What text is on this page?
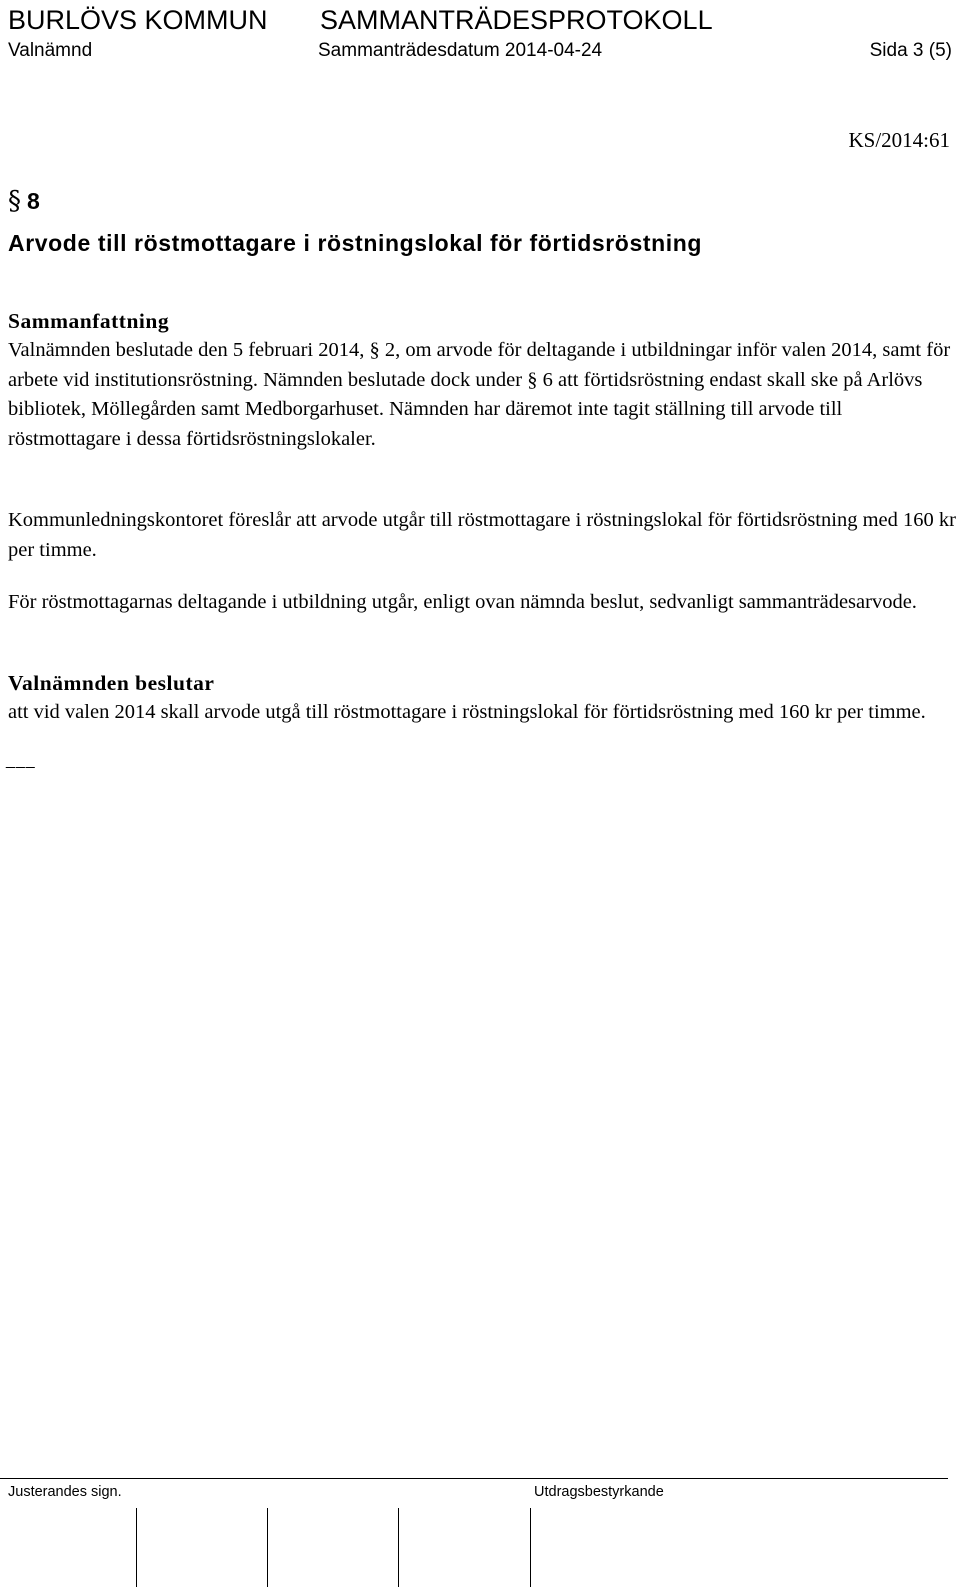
BURLÖVS KOMMUN SAMMANTRÄDESPROTOKOLL
Valnämnd	Sammanträdesdatum 2014-04-24	Sida 3 (5)
KS/2014:61
§ 8
Arvode till röstmottagare i röstningslokal för förtidsröstning
Sammanfattning

Valnämnden beslutade den 5 februari 2014, § 2, om arvode för deltagande i utbildningar inför valen 2014, samt för arbete vid institutionsröstning. Nämnden beslutade dock under § 6 att förtidsröstning endast skall ske på Arlövs bibliotek, Möllegården samt Medborgarhuset. Nämnden har däremot inte tagit ställning till arvode till röstmottagare i dessa förtidsröstningslokaler.

Kommunledningskontoret föreslår att arvode utgår till röstmottagare i röstningslokal för förtidsröstning med 160 kr per timme.

För röstmottagarnas deltagande i utbildning utgår, enligt ovan nämnda beslut, sedvanligt sammanträdesarvode.

Valnämnden beslutar

att vid valen 2014 skall arvode utgå till röstmottagare i röstningslokal för förtidsröstning med 160 kr per timme.

___
Justerandes sign.	Utdragsbestyrkande
